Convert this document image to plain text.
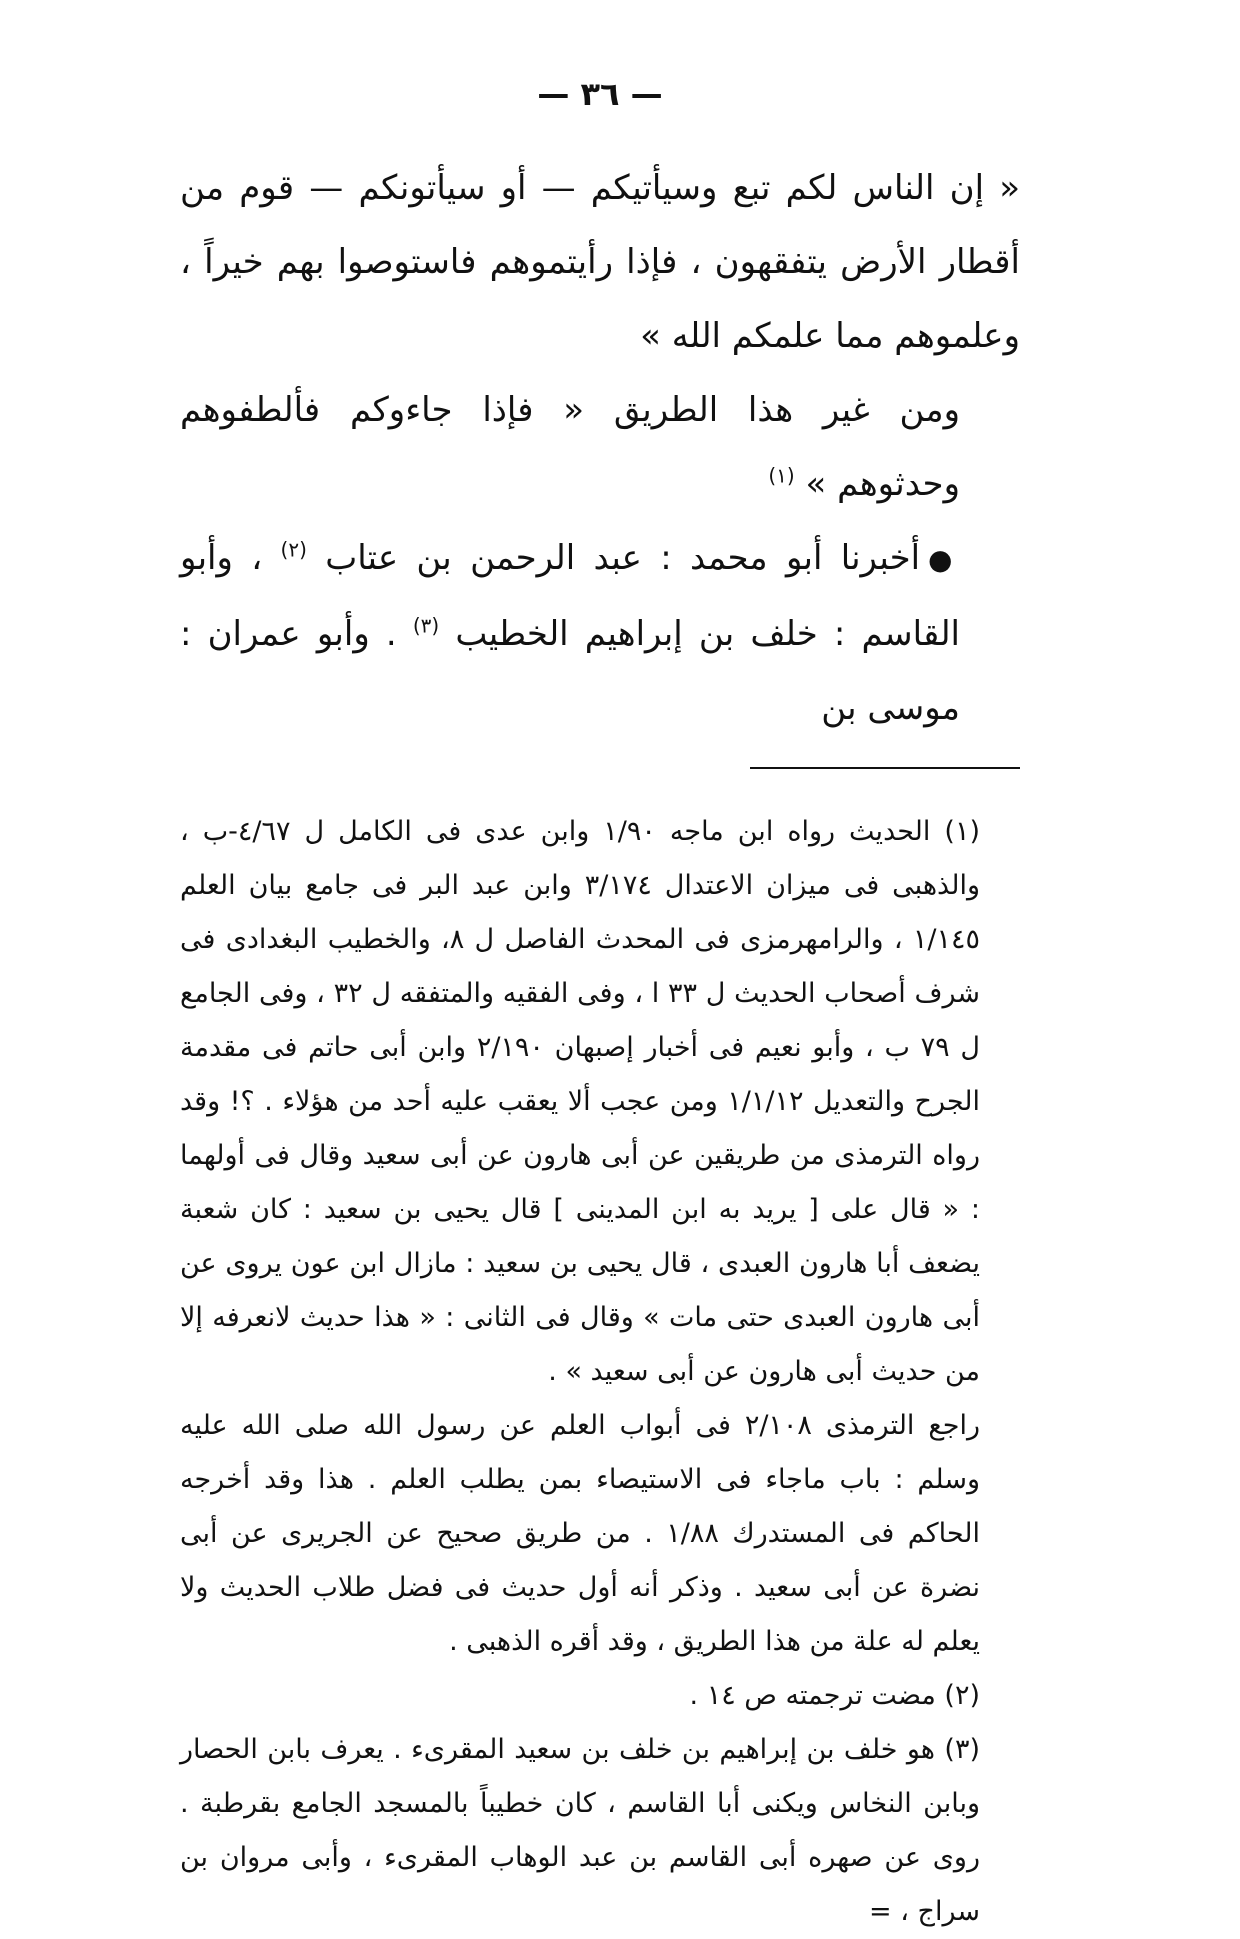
— ٣٦ —

« إن الناس لكم تبع وسيأتيكم — أو سيأتونكم — قوم من أقطار الأرض يتفقهون ، فإذا رأيتموهم فاستوصوا بهم خيراً ، وعلموهم مما علمكم الله »

ومن غير هذا الطريق « فإذا جاءوكم فألطفوهم وحدثوهم » $^{(١)}$

●أخبرنا أبو محمد : عبد الرحمن بن عتاب $^{(٢)}$ ، وأبو القاسم : خلف بن إبراهيم الخطيب $^{(٣)}$ . وأبو عمران : موسى بن

(١) الحديث رواه ابن ماجه ١/٩٠ وابن عدى فى الكامل ل ٤/٦٧-ب ، والذهبى فى ميزان الاعتدال ٣/١٧٤ وابن عبد البر فى جامع بيان العلم ١/١٤٥ ، والرامهرمزى فى المحدث الفاصل ل ٨، والخطيب البغدادى فى شرف أصحاب الحديث ل ٣٣ ا ، وفى الفقيه والمتفقه ل ٣٢ ، وفى الجامع ل ٧٩ ب ، وأبو نعيم فى أخبار إصبهان ٢/١٩٠ وابن أبى حاتم فى مقدمة الجرح والتعديل ١/١/١٢ ومن عجب ألا يعقب عليه أحد من هؤلاء . ؟! وقد رواه الترمذى من طريقين عن أبى هارون عن أبى سعيد وقال فى أولهما : « قال على [ يريد به ابن المدينى ] قال يحيى بن سعيد : كان شعبة يضعف أبا هارون العبدى ، قال يحيى بن سعيد : مازال ابن عون يروى عن أبى هارون العبدى حتى مات » وقال فى الثانى : « هذا حديث لانعرفه إلا من حديث أبى هارون عن أبى سعيد » .

راجع الترمذى ٢/١٠٨ فى أبواب العلم عن رسول الله صلى الله عليه وسلم : باب ماجاء فى الاستيصاء بمن يطلب العلم . هذا وقد أخرجه الحاكم فى المستدرك ١/٨٨ . من طريق صحيح عن الجريرى عن أبى نضرة عن أبى سعيد . وذكر أنه أول حديث فى فضل طلاب الحديث ولا يعلم له علة من هذا الطريق ، وقد أقره الذهبى .

(٢) مضت ترجمته ص ١٤ .

(٣) هو خلف بن إبراهيم بن خلف بن سعيد المقرىء . يعرف بابن الحصار وبابن النخاس ويكنى أبا القاسم ، كان خطيباً بالمسجد الجامع بقرطبة . روى عن صهره أبى القاسم بن عبد الوهاب المقرىء ، وأبى مروان بن سراج ، =
